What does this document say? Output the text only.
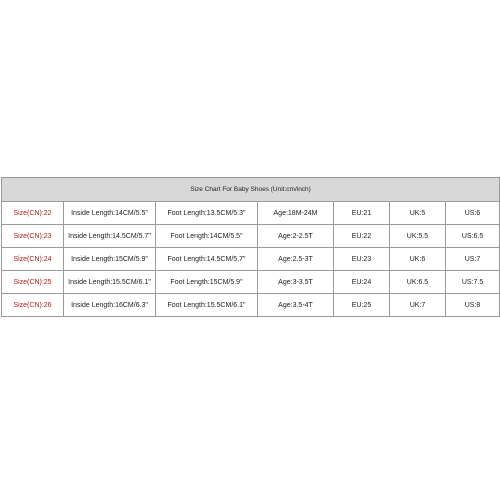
Size Chart For Baby Shoes (Unit:cm/inch)						
Size(CN):22	Inside Length:14CM/5.5"	Foot Length:13.5CM/5.3"	Age:18M-24M	EU:21	UK:5	US:6
Size(CN):23	Inside Length:14.5CM/5.7"	Foot Length:14CM/5.5"	Age:2-2.5T	EU:22	UK:5.5	US:6.5
Size(CN):24	Inside Length:15CM/5.9"	Foot Length:14.5CM/5.7"	Age:2.5-3T	EU:23	UK:6	US:7
Size(CN):25	Inside Length:15.5CM/6.1"	Foot Length:15CM/5.9"	Age:3-3.5T	EU:24	UK:6.5	US:7.5
Size(CN):26	Inside Length:16CM/6.3"	Foot Length:15.5CM/6.1"	Age:3.5-4T	EU:25	UK:7	US:8
